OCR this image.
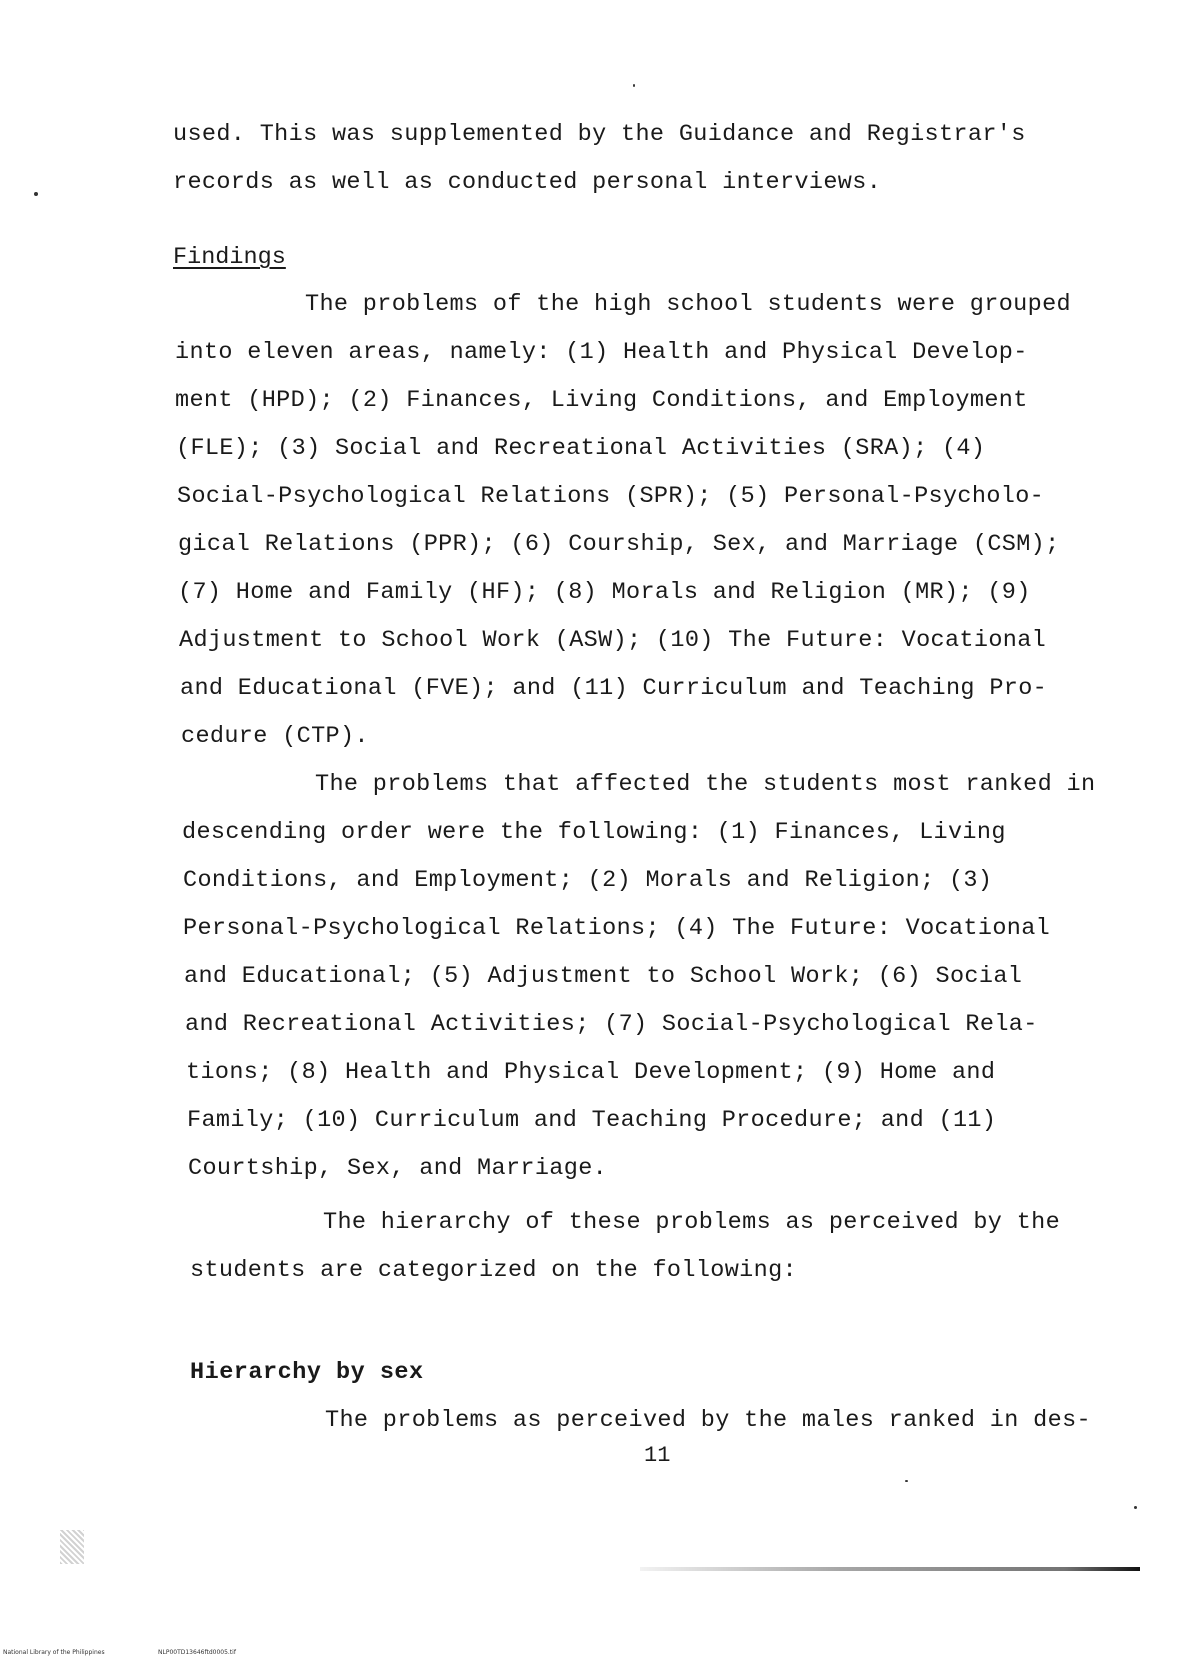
used. This was supplemented by the Guidance and Registrar's
records as well as conducted personal interviews.
Findings
The problems of the high school students were grouped
into eleven areas, namely: (1) Health and Physical Develop-
ment (HPD); (2) Finances, Living Conditions, and Employment
(FLE); (3) Social and Recreational Activities (SRA); (4)
Social-Psychological Relations (SPR); (5) Personal-Psycholo-
gical Relations (PPR); (6) Courship, Sex, and Marriage (CSM);
(7) Home and Family (HF); (8) Morals and Religion (MR); (9)
Adjustment to School Work (ASW); (10) The Future: Vocational
and Educational (FVE); and (11) Curriculum and Teaching Pro-
cedure (CTP).
The problems that affected the students most ranked in
descending order were the following: (1) Finances, Living
Conditions, and Employment; (2) Morals and Religion; (3)
Personal-Psychological Relations; (4) The Future: Vocational
and Educational; (5) Adjustment to School Work; (6) Social
and Recreational Activities; (7) Social-Psychological Rela-
tions; (8) Health and Physical Development; (9) Home and
Family; (10) Curriculum and Teaching Procedure; and (11)
Courtship, Sex, and Marriage.
The hierarchy of these problems as perceived by the
students are categorized on the following:
Hierarchy by sex
The problems as perceived by the males ranked in des-
11
National Library of the Philippines	NLP00TD13646ftd0005.tif
